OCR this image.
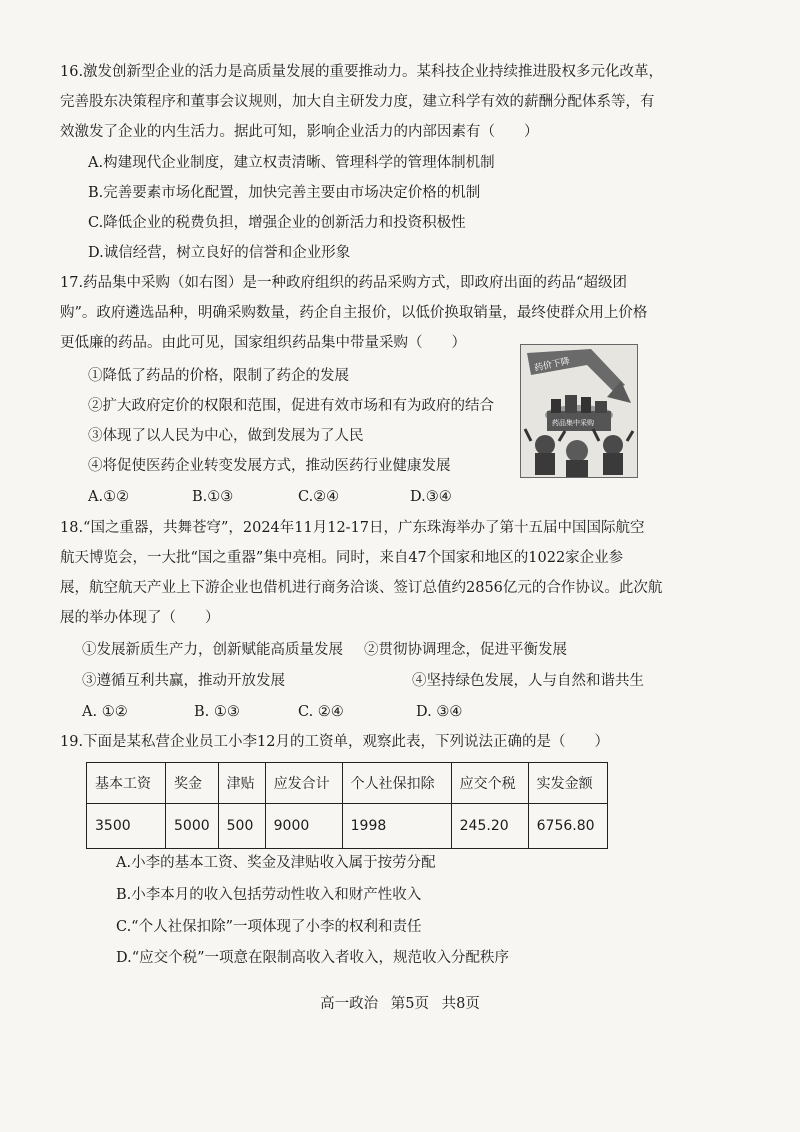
16.激发创新型企业的活力是高质量发展的重要推动力。某科技企业持续推进股权多元化改革，
完善股东决策程序和董事会议规则，加大自主研发力度，建立科学有效的薪酬分配体系等，有
效激发了企业的内生活力。据此可知，影响企业活力的内部因素有（　　）
A.构建现代企业制度，建立权责清晰、管理科学的管理体制机制
B.完善要素市场化配置，加快完善主要由市场决定价格的机制
C.降低企业的税费负担，增强企业的创新活力和投资积极性
D.诚信经营，树立良好的信誉和企业形象
17.药品集中采购（如右图）是一种政府组织的药品采购方式，即政府出面的药品“超级团
购”。政府遴选品种，明确采购数量，药企自主报价，以低价换取销量，最终使群众用上价格
更低廉的药品。由此可见，国家组织药品集中带量采购（　　）
①降低了药品的价格，限制了药企的发展
②扩大政府定价的权限和范围，促进有效市场和有为政府的结合
③体现了以人民为中心，做到发展为了人民
④将促使医药企业转变发展方式，推动医药行业健康发展
A.①②	B.①③	C.②④	D.③④
药价下降
药品集中采购
18.“国之重器，共舞苍穹”，2024年11月12-17日，广东珠海举办了第十五届中国国际航空
航天博览会，一大批“国之重器”集中亮相。同时，来自47个国家和地区的1022家企业参
展，航空航天产业上下游企业也借机进行商务洽谈、签订总值约2856亿元的合作协议。此次航
展的举办体现了（　　）
①发展新质生产力，创新赋能高质量发展	②贯彻协调理念，促进平衡发展
③遵循互利共赢，推动开放发展	④坚持绿色发展，人与自然和谐共生
A. ①②	B. ①③	C. ②④	D. ③④
19.下面是某私营企业员工小李12月的工资单，观察此表，下列说法正确的是（　　）
基本工资	奖金	津贴	应发合计	个人社保扣除	应交个税	实发金额
3500	5000	500	9000	1998	245.20	6756.80
A.小李的基本工资、奖金及津贴收入属于按劳分配
B.小李本月的收入包括劳动性收入和财产性收入
C.“个人社保扣除”一项体现了小李的权利和责任
D.“应交个税”一项意在限制高收入者收入，规范收入分配秩序
高一政治 第5页 共8页
